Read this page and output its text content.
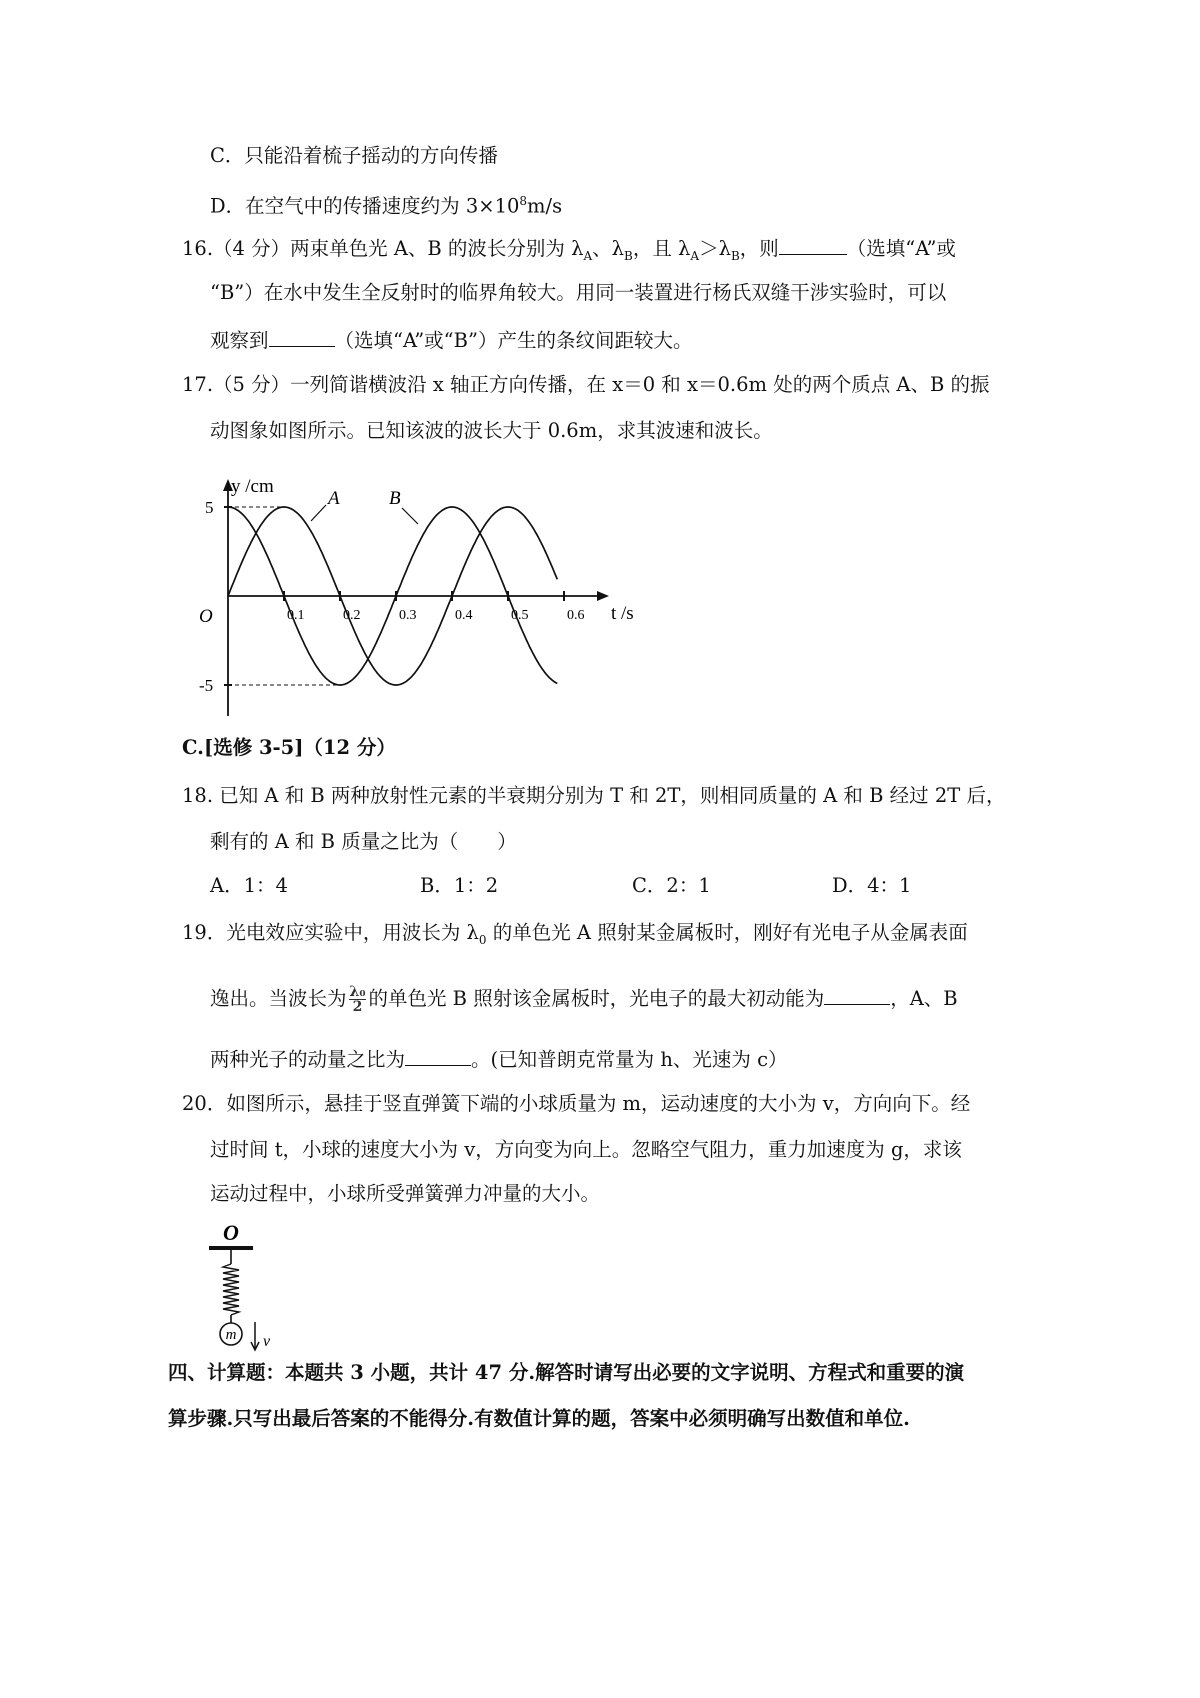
C．只能沿着梳子摇动的方向传播
D．在空气中的传播速度约为 $3\times 10^8m/s$
16.（4 分）两束单色光 A、B 的波长分别为 $\lambda_A$、$\lambda_B$，且 $\lambda_A>\lambda_B$，则	（选填“A”或
“B”）在水中发生全反射时的临界角较大。用同一装置进行杨氏双缝干涉实验时，可以
观察到	（选填“A”或“B”）产生的条纹间距较大。
17.（5 分）一列简谐横波沿 x 轴正方向传播，在 x＝0 和 x＝0.6m 处的两个质点 A、B 的振
动图象如图所示。已知该波的波长大于 0.6m，求其波速和波长。
0.1	0.2	0.3	0.4	0.5	0.6
5
-5
O
y /cm
t /s
A	B
C.[选修 3-5]（12 分）
18. 已知 A 和 B 两种放射性元素的半衰期分别为 T 和 2T，则相同质量的 A 和 B 经过 2T 后，
剩有的 A 和 B 质量之比为（　　）
A．1：4	B．1：2	C．2：1	D．4：1
19．光电效应实验中，用波长为 $\lambda_0$ 的单色光 A 照射某金属板时，刚好有光电子从金属表面
逸出。当波长为 $\frac{\text{λ₀}}{2}$ 的单色光 B 照射该金属板时，光电子的最大初动能为	，A、B
两种光子的动量之比为	。(已知普朗克常量为 h、光速为 c）
20．如图所示，悬挂于竖直弹簧下端的小球质量为 m，运动速度的大小为 v，方向向下。经
过时间 t，小球的速度大小为 v，方向变为向上。忽略空气阻力，重力加速度为 g，求该
运动过程中，小球所受弹簧弹力冲量的大小。
O
m v
四、计算题：本题共 3 小题，共计 47 分.解答时请写出必要的文字说明、方程式和重要的演
算步骤.只写出最后答案的不能得分.有数值计算的题，答案中必须明确写出数值和单位.
